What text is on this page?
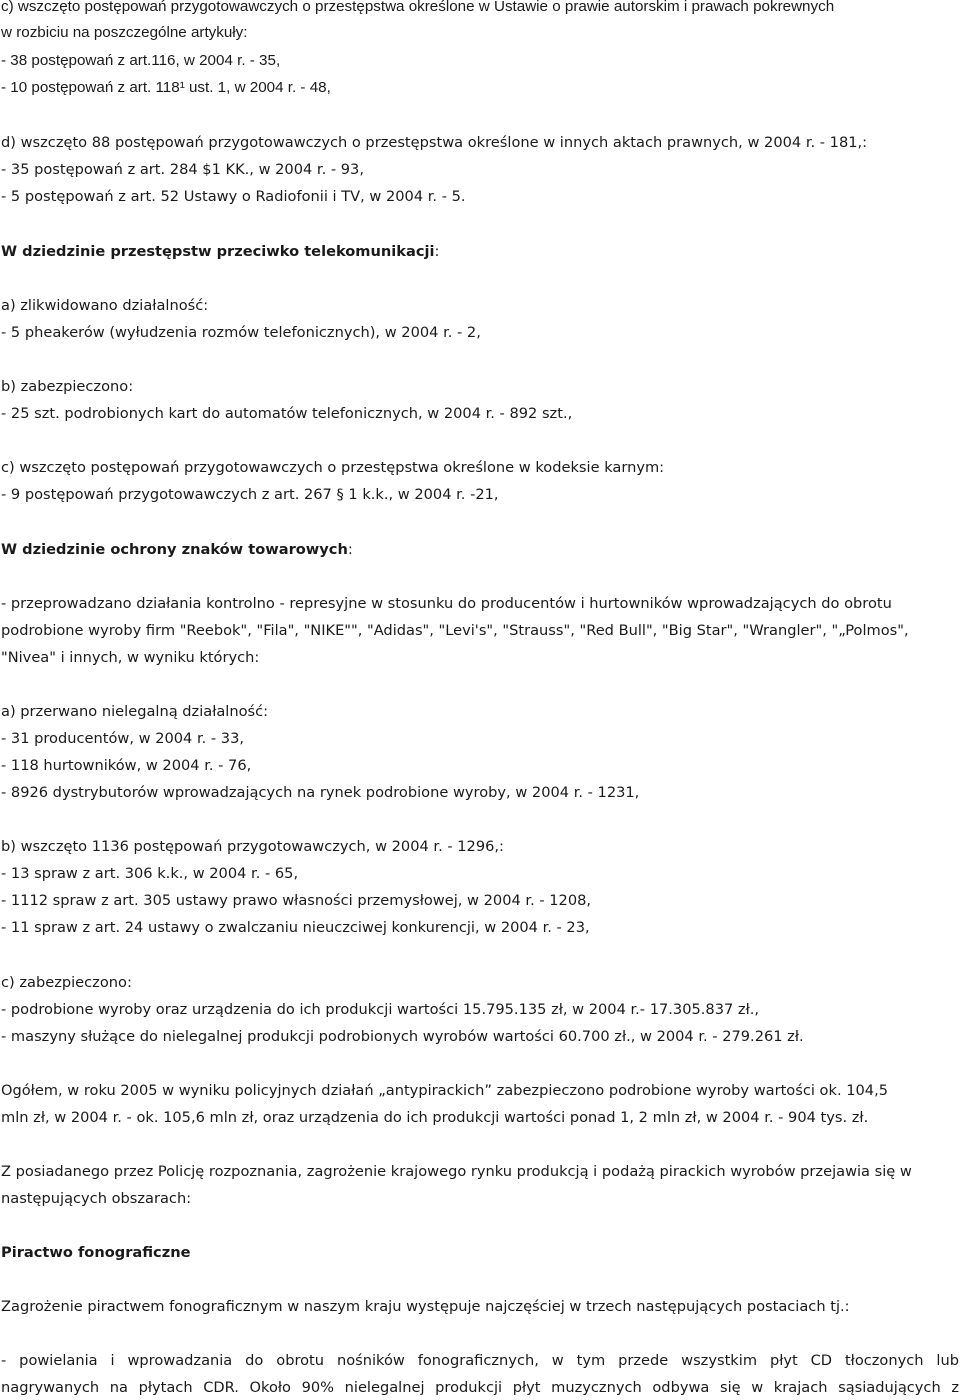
c) wszczęto postępowań przygotowawczych o przestępstwa określone w Ustawie o prawie autorskim i prawach pokrewnych

w rozbiciu na poszczególne artykuły:

- 38 postępowań z art.116, w 2004 r. - 35,

- 10 postępowań z art. 118¹ ust. 1, w 2004 r. - 48,

d) wszczęto 88 postępowań przygotowawczych o przestępstwa określone w innych aktach prawnych, w 2004 r. - 181,:

- 35 postępowań z art. 284 $1 KK., w 2004 r. - 93,

- 5 postępowań z art. 52 Ustawy o Radiofonii i TV, w 2004 r. - 5.

W dziedzinie przestępstw przeciwko telekomunikacji:

a) zlikwidowano działalność:

- 5 pheakerów (wyłudzenia rozmów telefonicznych), w 2004 r. - 2,

b) zabezpieczono:

- 25 szt. podrobionych kart do automatów telefonicznych, w 2004 r. - 892 szt.,

c) wszczęto postępowań przygotowawczych o przestępstwa określone w kodeksie karnym:

- 9 postępowań przygotowawczych z art. 267 § 1 k.k., w 2004 r. -21,

W dziedzinie ochrony znaków towarowych:

- przeprowadzano działania kontrolno - represyjne w stosunku do producentów i hurtowników wprowadzających do obrotu

podrobione wyroby firm "Reebok", "Fila", "NIKE"", "Adidas", "Levi's", "Strauss", "Red Bull", "Big Star", "Wrangler", "„Polmos",

"Nivea" i innych, w wyniku których:

a) przerwano nielegalną działalność:

- 31 producentów, w 2004 r. - 33,

- 118 hurtowników, w 2004 r. - 76,

- 8926 dystrybutorów wprowadzających na rynek podrobione wyroby, w 2004 r. - 1231,

b) wszczęto 1136 postępowań przygotowawczych, w 2004 r. - 1296,:

- 13 spraw z art. 306 k.k., w 2004 r. - 65,

- 1112 spraw z art. 305 ustawy prawo własności przemysłowej, w 2004 r. - 1208,

- 11 spraw z art. 24 ustawy o zwalczaniu nieuczciwej konkurencji, w 2004 r. - 23,

c) zabezpieczono:

- podrobione wyroby oraz urządzenia do ich produkcji wartości 15.795.135 zł, w 2004 r.- 17.305.837 zł.,

- maszyny służące do nielegalnej produkcji podrobionych wyrobów wartości 60.700 zł., w 2004 r. - 279.261 zł.

Ogółem, w roku 2005 w wyniku policyjnych działań „antypirackich” zabezpieczono podrobione wyroby wartości ok. 104,5

mln zł, w 2004 r. - ok. 105,6 mln zł, oraz urządzenia do ich produkcji wartości ponad 1, 2 mln zł, w 2004 r. - 904 tys. zł.

Z posiadanego przez Policję rozpoznania, zagrożenie krajowego rynku produkcją i podażą pirackich wyrobów przejawia się w

następujących obszarach:

Piractwo fonograficzne

Zagrożenie piractwem fonograficznym w naszym kraju występuje najczęściej w trzech następujących postaciach tj.:

- powielania i wprowadzania do obrotu nośników fonograficznych, w tym przede wszystkim płyt CD tłoczonych lub

nagrywanych na płytach CDR. Około 90% nielegalnej produkcji płyt muzycznych odbywa się w krajach sąsiadujących z
